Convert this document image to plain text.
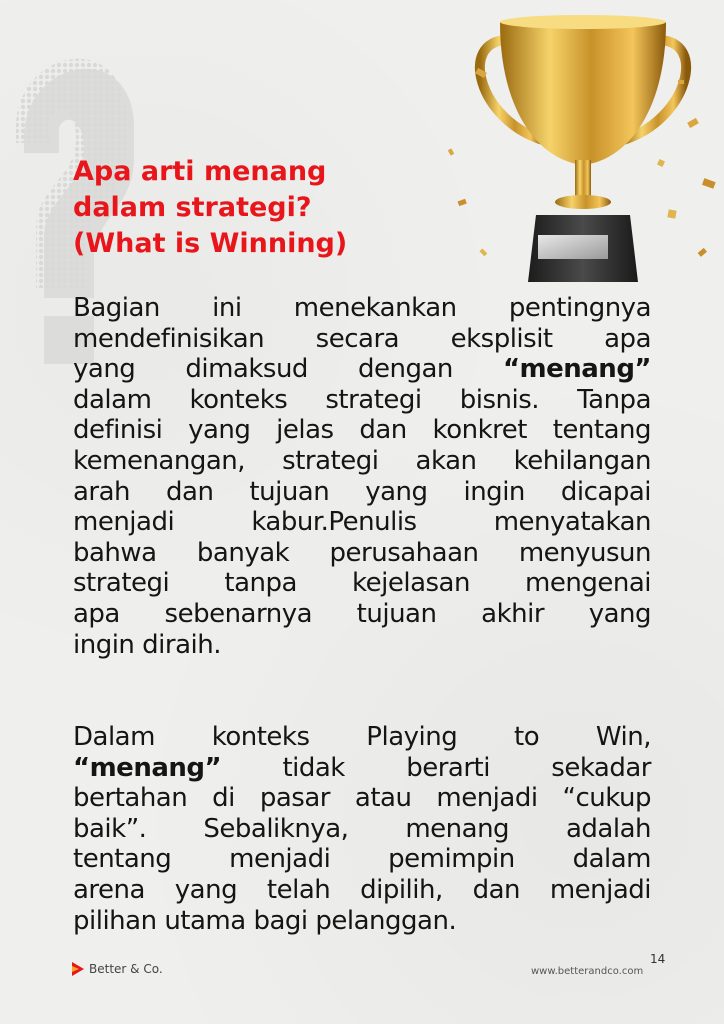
Apa arti menang
dalam strategi?
(What is Winning)
Bagian ini menekankan pentingnya
mendefinisikan secara eksplisit apa
yang dimaksud dengan “menang”
dalam konteks strategi bisnis. Tanpa
definisi yang jelas dan konkret tentang
kemenangan, strategi akan kehilangan
arah dan tujuan yang ingin dicapai
menjadi kabur.Penulis menyatakan
bahwa banyak perusahaan menyusun
strategi tanpa kejelasan mengenai
apa sebenarnya tujuan akhir yang
ingin diraih.
Dalam konteks Playing to Win,
“menang” tidak berarti sekadar
bertahan di pasar atau menjadi “cukup
baik”. Sebaliknya, menang adalah
tentang menjadi pemimpin dalam
arena yang telah dipilih, dan menjadi
pilihan utama bagi pelanggan.
Better & Co.
14
www.betterandco.com
